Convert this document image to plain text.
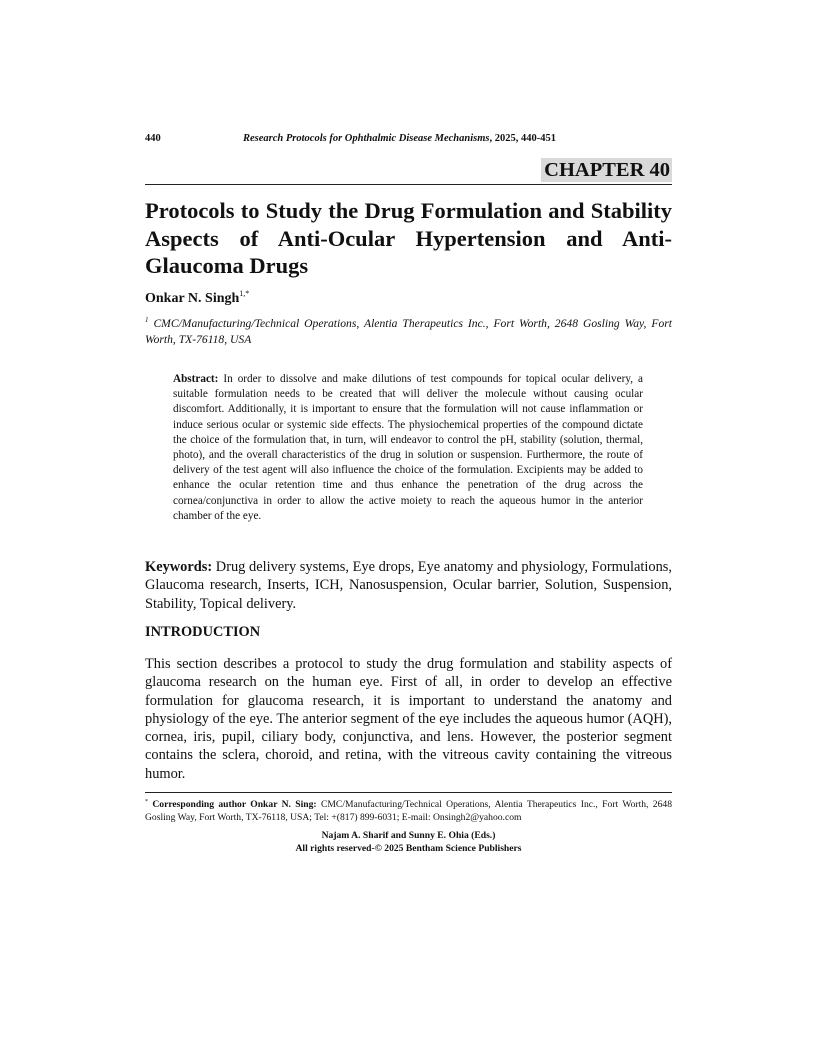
440	Research Protocols for Ophthalmic Disease Mechanisms, 2025, 440-451
CHAPTER 40
Protocols to Study the Drug Formulation and Stability Aspects of Anti-Ocular Hypertension and Anti-Glaucoma Drugs
Onkar N. Singh$^{1,*}$
$^1$ CMC/Manufacturing/Technical Operations, Alentia Therapeutics Inc., Fort Worth, 2648 Gosling Way, Fort Worth, TX-76118, USA
Abstract: In order to dissolve and make dilutions of test compounds for topical ocular delivery, a suitable formulation needs to be created that will deliver the molecule without causing ocular discomfort. Additionally, it is important to ensure that the formulation will not cause inflammation or induce serious ocular or systemic side effects. The physiochemical properties of the compound dictate the choice of the formulation that, in turn, will endeavor to control the pH, stability (solution, thermal, photo), and the overall characteristics of the drug in solution or suspension. Furthermore, the route of delivery of the test agent will also influence the choice of the formulation. Excipients may be added to enhance the ocular retention time and thus enhance the penetration of the drug across the cornea/conjunctiva in order to allow the active moiety to reach the aqueous humor in the anterior chamber of the eye.
Keywords: Drug delivery systems, Eye drops, Eye anatomy and physiology, Formulations, Glaucoma research, Inserts, ICH, Nanosuspension, Ocular barrier, Solution, Suspension, Stability, Topical delivery.
INTRODUCTION
This section describes a protocol to study the drug formulation and stability aspects of glaucoma research on the human eye. First of all, in order to develop an effective formulation for glaucoma research, it is important to understand the anatomy and physiology of the eye. The anterior segment of the eye includes the aqueous humor (AQH), cornea, iris, pupil, ciliary body, conjunctiva, and lens. However, the posterior segment contains the sclera, choroid, and retina, with the vitreous cavity containing the vitreous humor.
* Corresponding author Onkar N. Sing: CMC/Manufacturing/Technical Operations, Alentia Therapeutics Inc., Fort Worth, 2648 Gosling Way, Fort Worth, TX-76118, USA; Tel: +(817) 899-6031; E-mail: Onsingh2@yahoo.com
Najam A. Sharif and Sunny E. Ohia (Eds.)
All rights reserved-© 2025 Bentham Science Publishers
